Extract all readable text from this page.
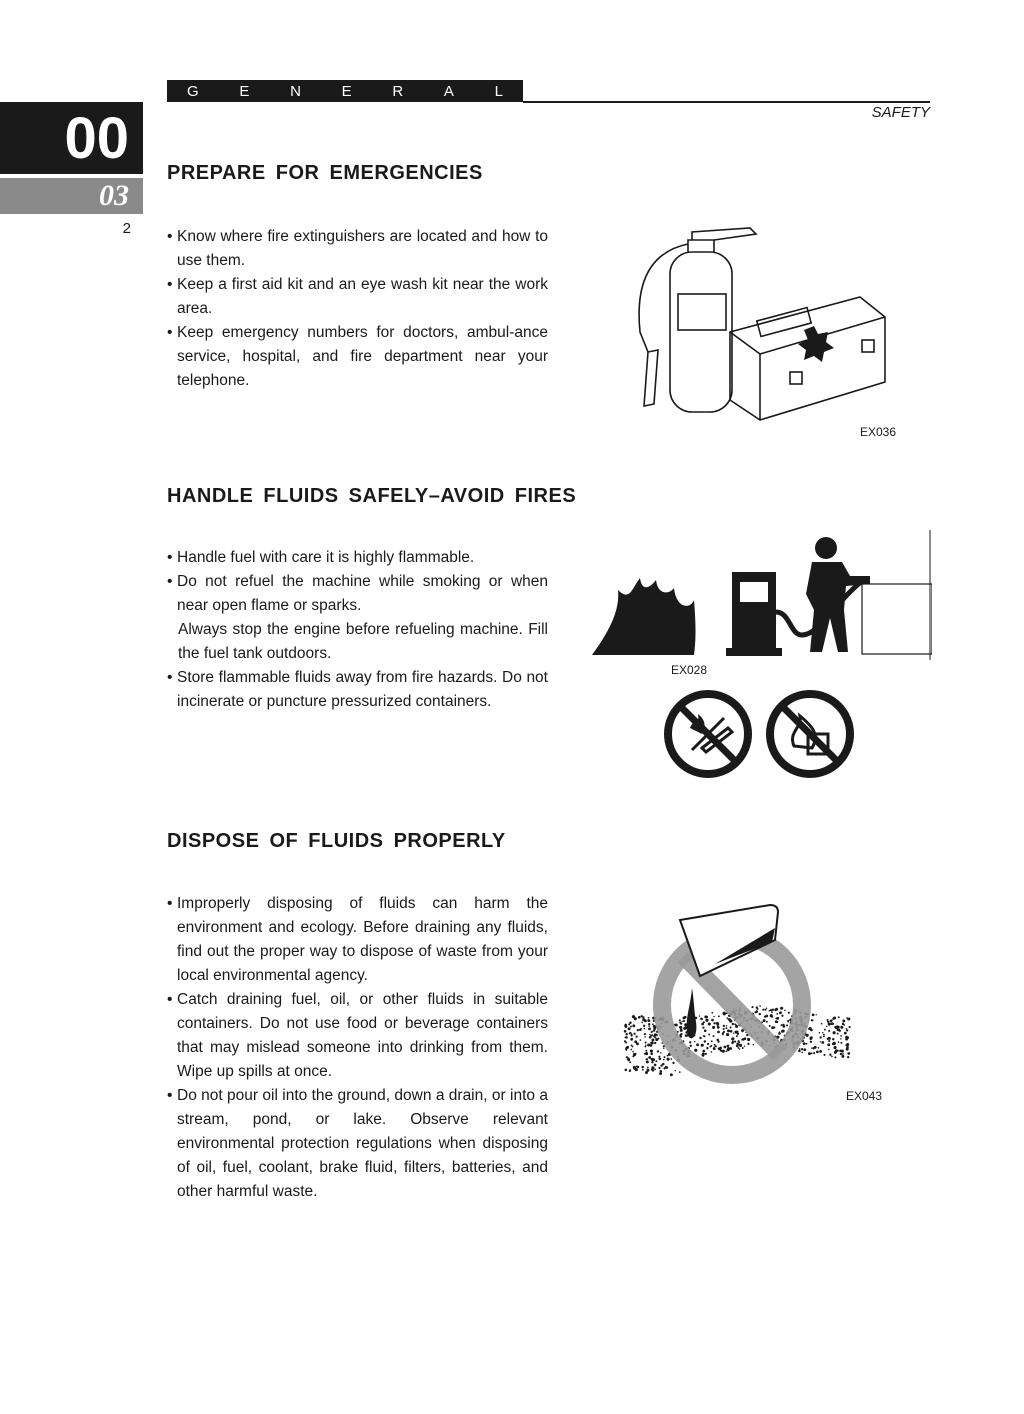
G	E	N	E	R	A	L
SAFETY
00
03
2
PREPARE FOR EMERGENCIES
• Know where fire extinguishers are located and how to use them.
• Keep a first aid kit and an eye wash kit near the work area.
• Keep emergency numbers for doctors, ambul-ance service, hospital, and fire department near your telephone.
EX036
HANDLE FLUIDS SAFELY–AVOID FIRES
• Handle fuel with care it is highly flammable.
• Do not refuel the machine while smoking or when near open flame or sparks.
Always stop the engine before refueling machine. Fill the fuel tank outdoors.
• Store flammable fluids away from fire hazards. Do not incinerate or puncture pressurized containers.
EX028
DISPOSE OF FLUIDS PROPERLY
• Improperly disposing of fluids can harm the environment and ecology. Before draining any fluids, find out the proper way to dispose of waste from your local environmental agency.
• Catch draining fuel, oil, or other fluids in suitable containers. Do not use food or beverage containers that may mislead someone into drinking from them. Wipe up spills at once.
• Do not pour oil into the ground, down a drain, or into a stream, pond, or lake. Observe relevant environmental protection regulations when disposing of oil, fuel, coolant, brake fluid, filters, batteries, and other harmful waste.
EX043
